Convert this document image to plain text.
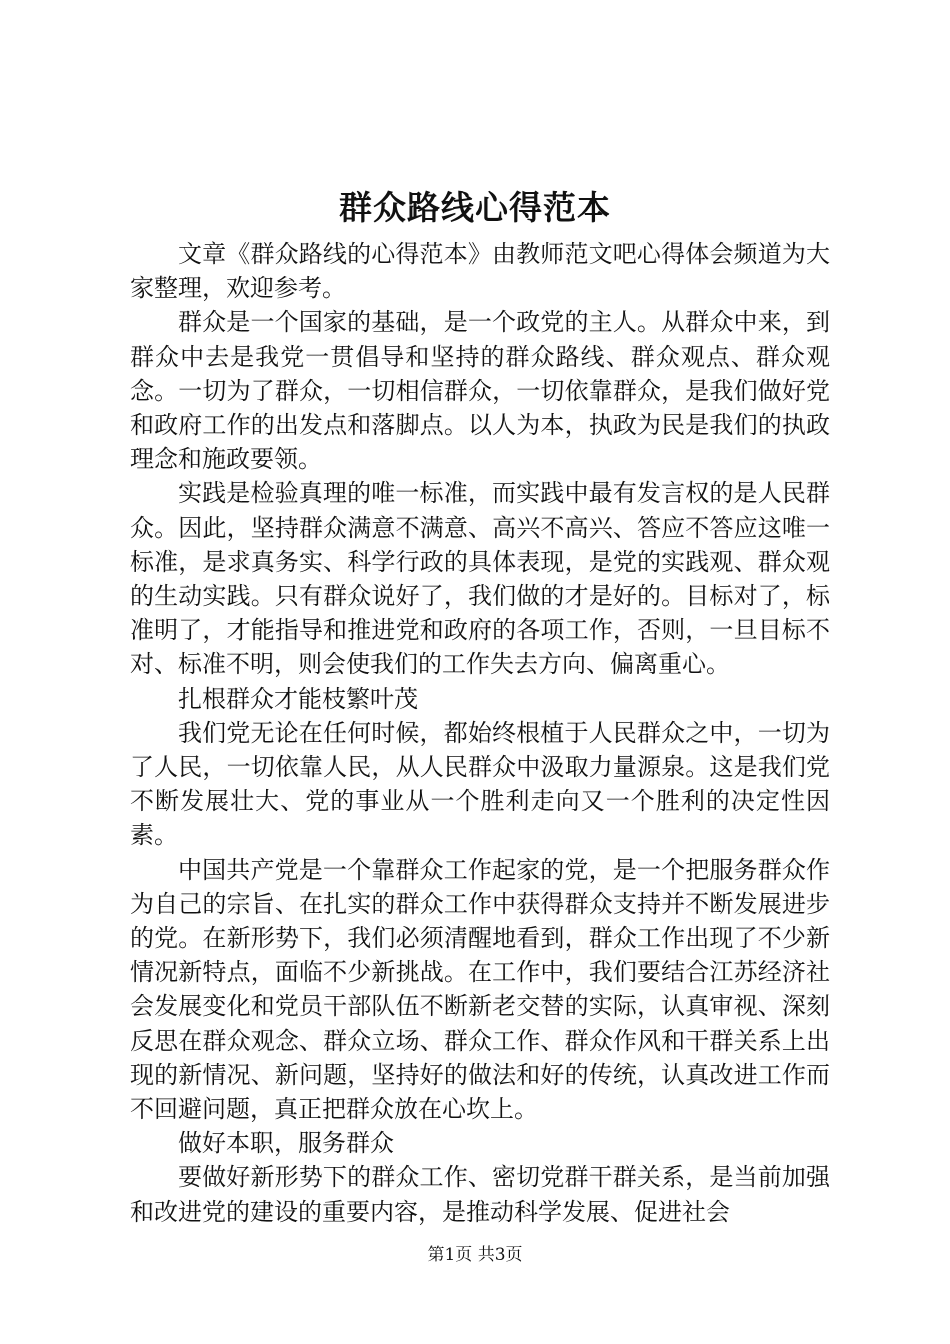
群众路线心得范本

文章《群众路线的心得范本》由教师范文吧心得体会频道为大家整理，欢迎参考。

群众是一个国家的基础，是一个政党的主人。从群众中来，到群众中去是我党一贯倡导和坚持的群众路线、群众观点、群众观念。一切为了群众，一切相信群众，一切依靠群众，是我们做好党和政府工作的出发点和落脚点。以人为本，执政为民是我们的执政理念和施政要领。

实践是检验真理的唯一标准，而实践中最有发言权的是人民群众。因此，坚持群众满意不满意、高兴不高兴、答应不答应这唯一标准，是求真务实、科学行政的具体表现，是党的实践观、群众观的生动实践。只有群众说好了，我们做的才是好的。目标对了，标准明了，才能指导和推进党和政府的各项工作，否则，一旦目标不对、标准不明，则会使我们的工作失去方向、偏离重心。

扎根群众才能枝繁叶茂

我们党无论在任何时候，都始终根植于人民群众之中，一切为了人民，一切依靠人民，从人民群众中汲取力量源泉。这是我们党不断发展壮大、党的事业从一个胜利走向又一个胜利的决定性因素。

中国共产党是一个靠群众工作起家的党，是一个把服务群众作为自己的宗旨、在扎实的群众工作中获得群众支持并不断发展进步的党。在新形势下，我们必须清醒地看到，群众工作出现了不少新情况新特点，面临不少新挑战。在工作中，我们要结合江苏经济社会发展变化和党员干部队伍不断新老交替的实际，认真审视、深刻反思在群众观念、群众立场、群众工作、群众作风和干群关系上出现的新情况、新问题，坚持好的做法和好的传统，认真改进工作而不回避问题，真正把群众放在心坎上。

做好本职，服务群众

要做好新形势下的群众工作、密切党群干群关系，是当前加强和改进党的建设的重要内容，是推动科学发展、促进社会

第1页 共3页
